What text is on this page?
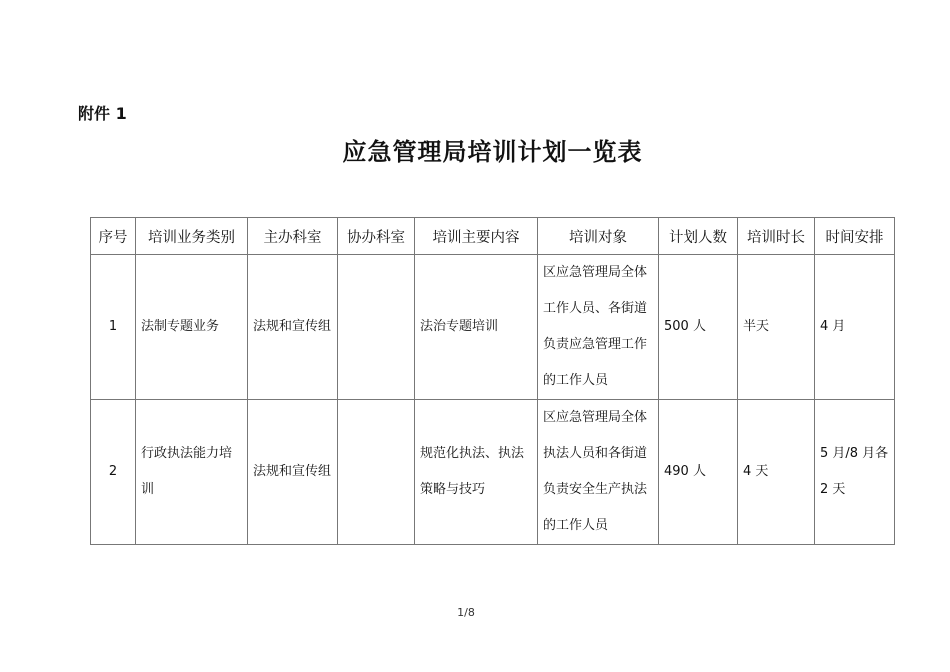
附件 1
应急管理局培训计划一览表
序号	培训业务类别	主办科室	协办科室	培训主要内容	培训对象	计划人数	培训时长	时间安排
1	法制专题业务	法规和宣传组		法治专题培训	区应急管理局全体工作人员、各街道负责应急管理工作的工作人员	500 人	半天	4 月
2	行政执法能力培训	法规和宣传组		规范化执法、执法策略与技巧	区应急管理局全体执法人员和各街道负责安全生产执法的工作人员	490 人	4 天	5 月/8 月各 2 天
1/8
